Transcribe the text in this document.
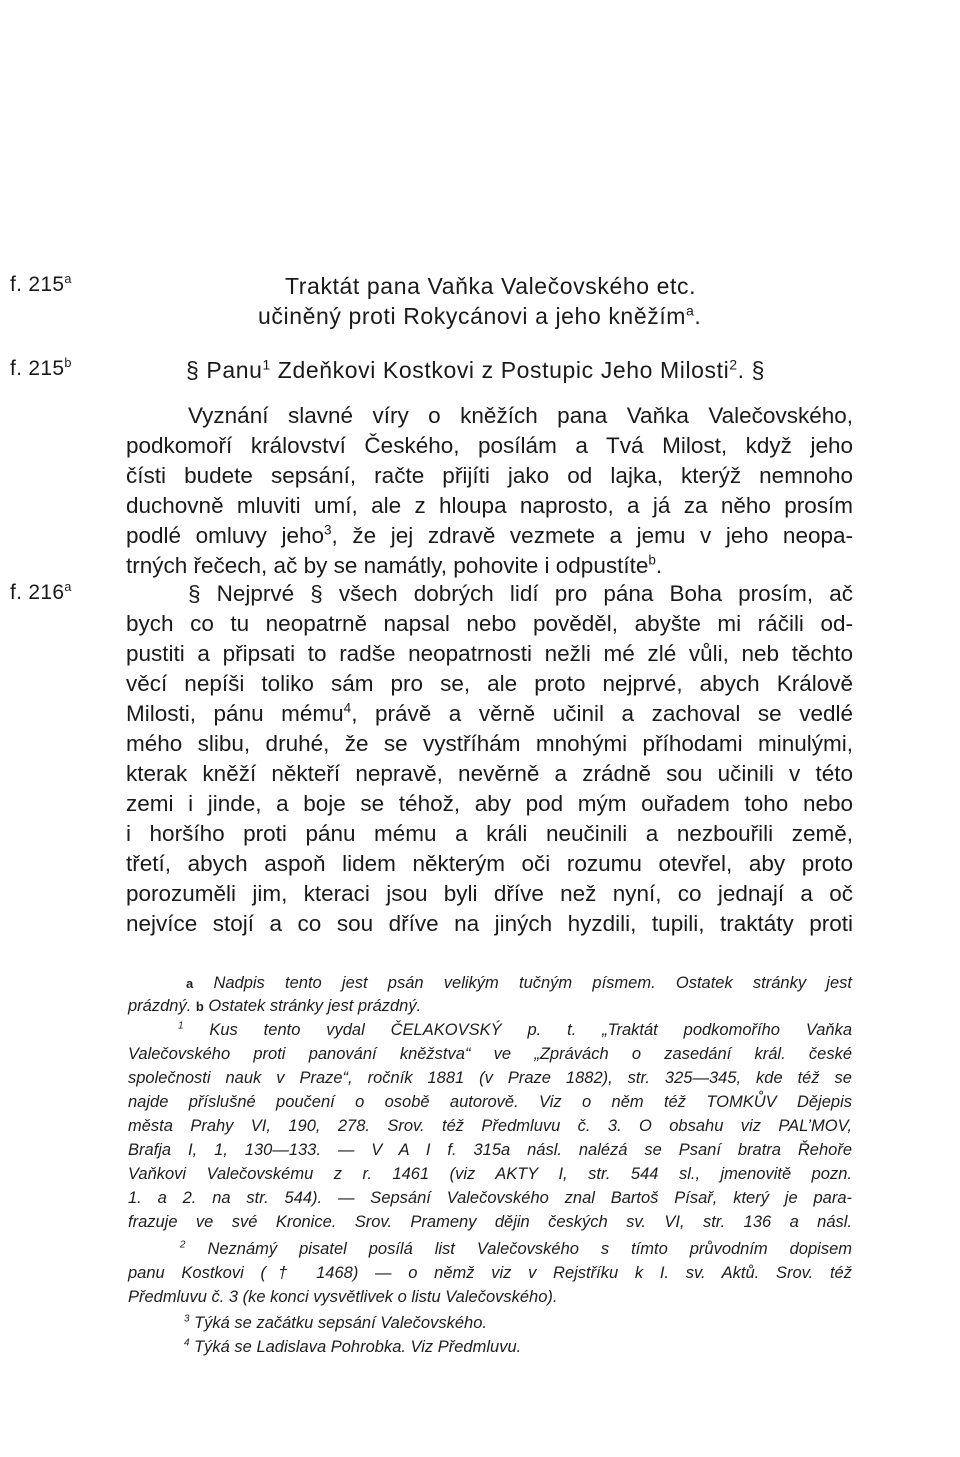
f. 215$^a$
f. 215$^b$
f. 216$^a$
Traktát pana Vaňka Valečovského etc.
učiněný proti Rokycánovi a jeho kněžím$^a$.
§ Panu$^1$ Zdeňkovi Kostkovi z Postupic Jeho Milosti$^2$. §
Vyznání slavné víry o kněžích pana Vaňka Valečovského,
podkomoří království Českého, posílám a Tvá Milost, když jeho
čísti budete sepsání, račte přijíti jako od lajka, kterýž nemnoho
duchovně mluviti umí, ale z hloupa naprosto, a já za něho prosím
podlé omluvy jeho$^3$, že jej zdravě vezmete a jemu v jeho neopa-
trných řečech, ač by se namátly, pohovite i odpustíte$^b$.
§ Nejprvé § všech dobrých lidí pro pána Boha prosím, ač
bych co tu neopatrně napsal nebo pověděl, abyšte mi ráčili od-
pustiti a připsati to radše neopatrnosti nežli mé zlé vůli, neb těchto
věcí nepíši toliko sám pro se, ale proto nejprvé, abych Králově
Milosti, pánu mému$^4$, právě a věrně učinil a zachoval se vedlé
mého slibu, druhé, že se vystříhám mnohými příhodami minulými,
kterak kněží někteří nepravě, nevěrně a zrádně sou učinili v této
zemi i jinde, a boje se téhož, aby pod mým ouřadem toho nebo
i horšího proti pánu mému a králi neučinili a nezbouřili země,
třetí, abych aspoň lidem některým oči rozumu otevřel, aby proto
porozuměli jim, kteraci jsou byli dříve než nyní, co jednají a oč
nejvíce stojí a co sou dříve na jiných hyzdili, tupili, traktáty proti
a Nadpis tento jest psán velikým tučným písmem. Ostatek stránky jest
prázdný. b Ostatek stránky jest prázdný.
$^1$ Kus tento vydal ČELAKOVSKÝ p. t. „Traktát podkomořího Vaňka
Valečovského proti panování kněžstva“ ve „Zprávách o zasedání král. české
společnosti nauk v Praze“, ročník 1881 (v Praze 1882), str. 325—345, kde též se
najde příslušné poučení o osobě autorově. Viz o něm též TOMKŮV Dějepis
města Prahy VI, 190, 278. Srov. též Předmluvu č. 3. O obsahu viz PAL’MOV,
Brafja I, 1, 130—133. — V A I f. 315a násl. nalézá se Psaní bratra Řehoře
Vaňkovi Valečovskému z r. 1461 (viz AKTY I, str. 544 sl., jmenovitě pozn.
1. a 2. na str. 544). — Sepsání Valečovského znal Bartoš Písař, který je para-
frazuje ve své Kronice. Srov. Prameny dějin českých sv. VI, str. 136 a násl.
$^2$ Neznámý pisatel posílá list Valečovského s tímto průvodním dopisem
panu Kostkovi († 1468) — o němž viz v Rejstříku k I. sv. Aktů. Srov. též
Předmluvu č. 3 (ke konci vysvětlivek o listu Valečovského).
$^3$ Týká se začátku sepsání Valečovského.
$^4$ Týká se Ladislava Pohrobka. Viz Předmluvu.
